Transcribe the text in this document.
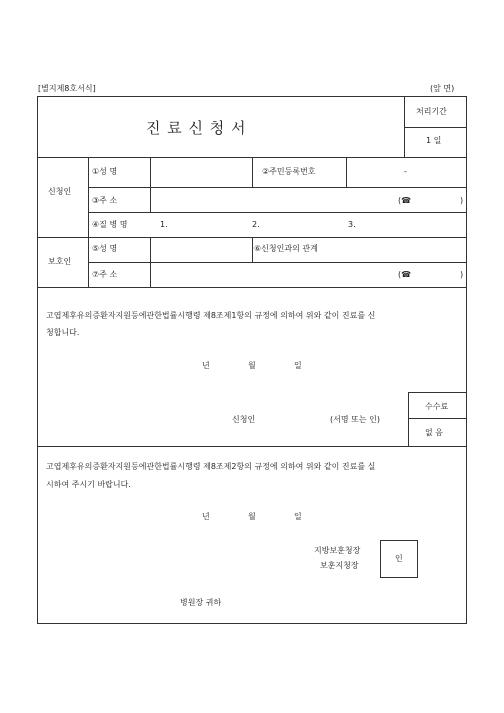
[별지제8호서식]	(앞 면)
진 료 신 청 서
처리기간
1 일
신청인
①성 명	②주민등록번호	-
③주 소	(☎	)
④질 병 명	1.	2.	3.
보호인
⑤성 명	⑥신청인과의 관계
⑦주 소	(☎	)
고엽제후유의증환자지원등에관한법률시행령 제8조제1항의 규정에 의하여 위와 같이 진료를 신
청합니다.
년	월	일
신청인	(서명 또는 인)
수수료
없 음
고엽제후유의증환자지원등에관한법률시행령 제8조제2항의 규정에 의하여 위와 같이 진료를 실
시하여 주시기 바랍니다.
년	월	일
지방보훈청장
보훈지청장
인
병원장 귀하
